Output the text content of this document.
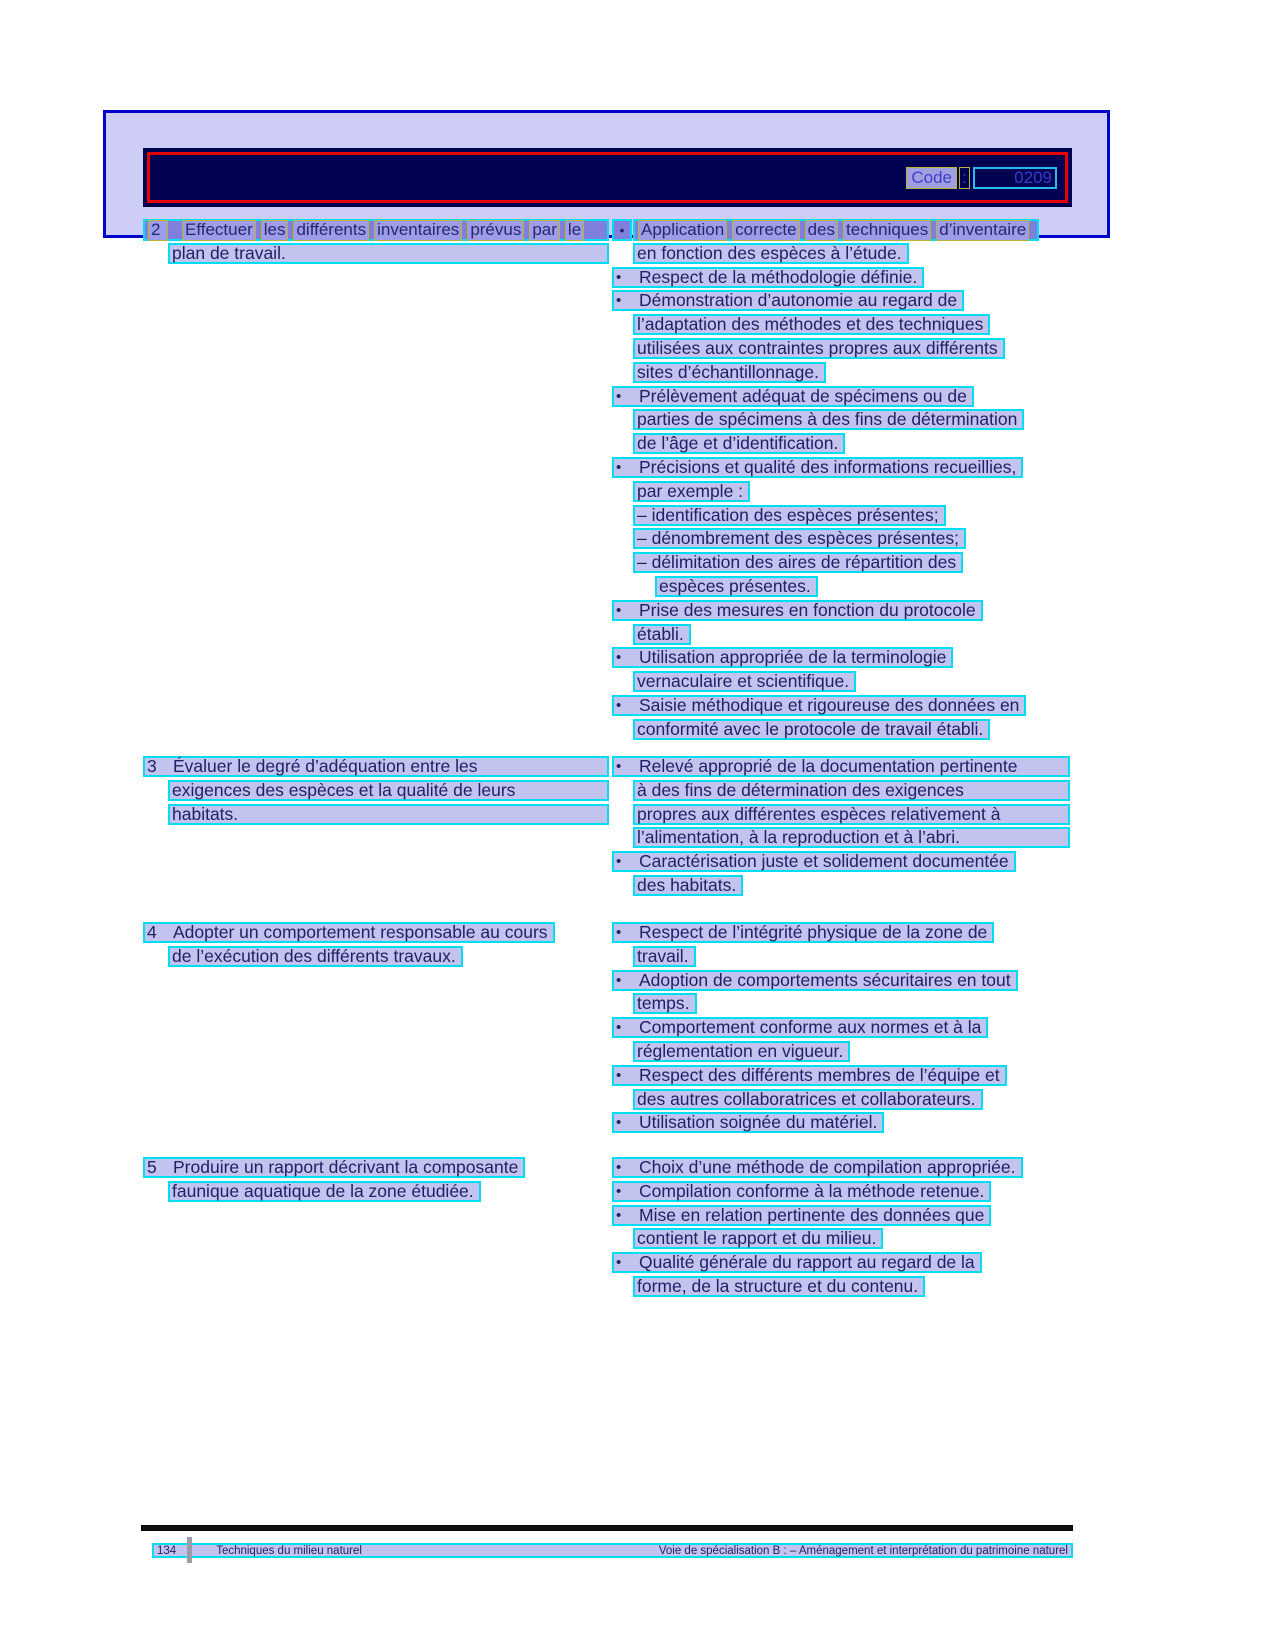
Code :	0209
2	Effectuer les différents inventaires prévus par le
plan de travail.
• Application correcte des techniques d’inventaire
en fonction des espèces à l’étude.
•	Respect de la méthodologie définie.
•	Démonstration d’autonomie au regard de
l’adaptation des méthodes et des techniques
utilisées aux contraintes propres aux différents
sites d’échantillonnage.
•	Prélèvement adéquat de spécimens ou de
parties de spécimens à des fins de détermination
de l’âge et d’identification.
•	Précisions et qualité des informations recueillies,
par exemple :
– identification des espèces présentes;
– dénombrement des espèces présentes;
– délimitation des aires de répartition des
espèces présentes.
•	Prise des mesures en fonction du protocole
établi.
•	Utilisation appropriée de la terminologie
vernaculaire et scientifique.
•	Saisie méthodique et rigoureuse des données en
conformité avec le protocole de travail établi.
3 Évaluer le degré d’adéquation entre les
exigences des espèces et la qualité de leurs
habitats.
•	Relevé approprié de la documentation pertinente
à des fins de détermination des exigences
propres aux différentes espèces relativement à
l’alimentation, à la reproduction et à l’abri.
•	Caractérisation juste et solidement documentée
des habitats.
4 Adopter un comportement responsable au cours
de l’exécution des différents travaux.
•	Respect de l’intégrité physique de la zone de
travail.
•	Adoption de comportements sécuritaires en tout
temps.
•	Comportement conforme aux normes et à la
réglementation en vigueur.
•	Respect des différents membres de l’équipe et
des autres collaboratrices et collaborateurs.
•	Utilisation soignée du matériel.
5 Produire un rapport décrivant la composante
faunique aquatique de la zone étudiée.
•	Choix d’une méthode de compilation appropriée.
•	Compilation conforme à la méthode retenue.
•	Mise en relation pertinente des données que
contient le rapport et du milieu.
•	Qualité générale du rapport au regard de la
forme, de la structure et du contenu.
134	Techniques du milieu naturel	Voie de spécialisation B : – Aménagement et interprétation du patrimoine naturel
